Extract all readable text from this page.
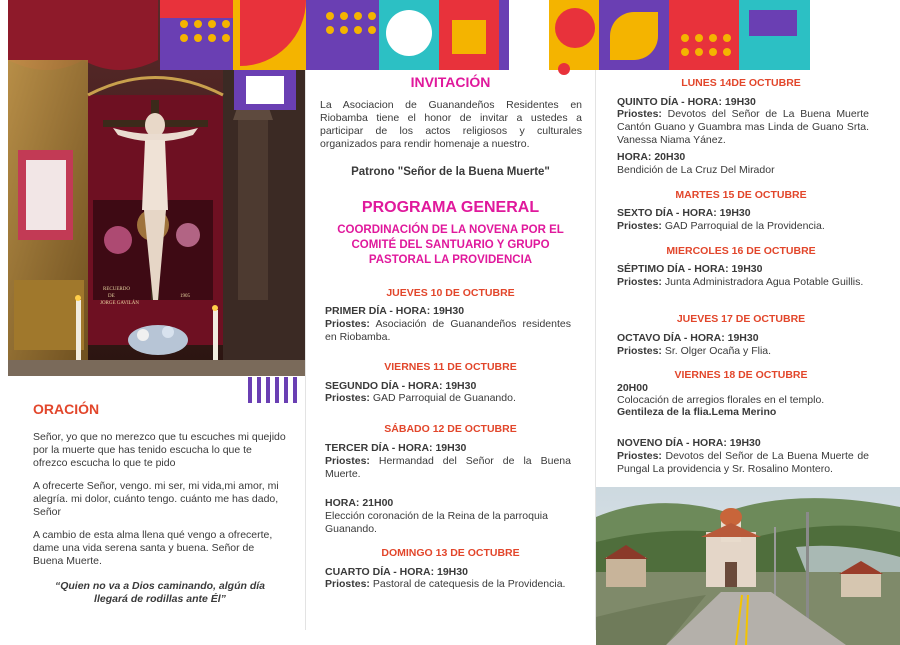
RECUERDO
DE
JORGE GAVILÁN
1905
ORACIÓN

Señor, yo que no merezco que tu escuches mi quejido por la muerte que has tenido escucha lo que te ofrezco escucha lo que te pido

A ofrecerte Señor, vengo. mi ser, mi vida,mi amor, mi alegría. mi dolor, cuánto tengo. cuánto me has dado, Señor

A cambio de esta alma llena qué vengo a ofrecerte, dame una vida serena santa y buena. Señor de Buena Muerte.

“Quien no va a Dios caminando, algún día llegará de rodillas ante Él”

INVITACIÓN

La Asociacion de Guanandeños Residentes en Riobamba tiene el honor de invitar a ustedes a participar de los actos religiosos y culturales organizados para rendir homenaje a nuestro.

Patrono "Señor de la Buena Muerte"
PROGRAMA GENERAL
COORDINACIÓN DE LA NOVENA POR EL COMITÉ DEL SANTUARIO Y GRUPO PASTORAL LA PROVIDENCIA
JUEVES 10 DE OCTUBRE
PRIMER DÍA - HORA: 19H30

Priostes: Asociación de Guanandeños residentes en Riobamba.

VIERNES 11 DE OCTUBRE
SEGUNDO DÍA - HORA: 19H30

Priostes: GAD Parroquial de Guanando.

SÁBADO 12 DE OCTUBRE
TERCER DÍA - HORA: 19H30

Priostes: Hermandad del Señor de la Buena Muerte.

HORA: 21H00

Elección coronación de la Reina de la parroquia Guanando.

DOMINGO 13 DE OCTUBRE
CUARTO DÍA - HORA: 19H30

Priostes: Pastoral de catequesis de la Providencia.

LUNES 14DE OCTUBRE
QUINTO DÍA - HORA: 19H30

Priostes: Devotos del Señor de La Buena Muerte Cantón Guano y Guambra mas Linda de Guano Srta. Vanessa Niama Yánez.

HORA: 20H30
Bendición de La Cruz Del Mirador
MARTES 15 DE OCTUBRE
SEXTO DÍA - HORA: 19H30

Priostes: GAD Parroquial de la Providencia.

MIERCOLES 16 DE OCTUBRE
SÉPTIMO DÍA - HORA: 19H30

Priostes: Junta Administradora Agua Potable Guillis.

JUEVES 17 DE OCTUBRE
OCTAVO DÍA - HORA: 19H30

Priostes: Sr. Olger Ocaña y Flia.

VIERNES 18 DE OCTUBRE
20H00
Colocación de arregios florales en el templo.
Gentileza de la flia.Lema Merino
NOVENO DÍA - HORA: 19H30

Priostes: Devotos del Señor de La Buena Muerte de Pungal La providencia y Sr. Rosalino Montero.
